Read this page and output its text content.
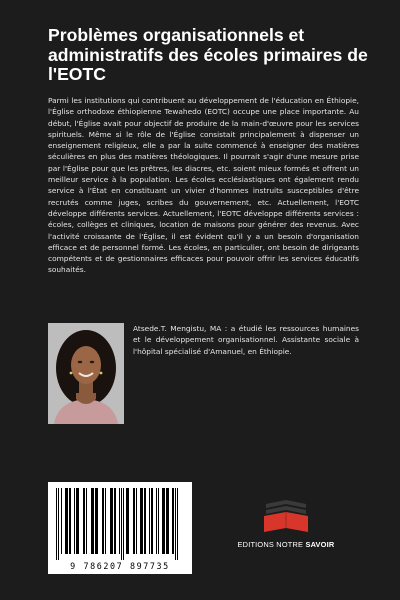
Problèmes organisationnels et administratifs des écoles primaires de l'EOTC

Parmi les institutions qui contribuent au développement de l'éducation en Éthiopie, l'Église orthodoxe éthiopienne Tewahedo (EOTC) occupe une place importante. Au début, l'Église avait pour objectif de produire de la main-d'œuvre pour les services spirituels. Même si le rôle de l'Église consistait principalement à dispenser un enseignement religieux, elle a par la suite commencé à enseigner des matières séculières en plus des matières théologiques. Il pourrait s'agir d'une mesure prise par l'Église pour que les prêtres, les diacres, etc. soient mieux formés et offrent un meilleur service à la population. Les écoles ecclésiastiques ont également rendu service à l'État en constituant un vivier d'hommes instruits susceptibles d'être recrutés comme juges, scribes du gouvernement, etc. Actuellement, l'EOTC développe différents services. Actuellement, l'EOTC développe différents services : écoles, collèges et cliniques, location de maisons pour générer des revenus. Avec l'activité croissante de l'Église, il est évident qu'il y a un besoin d'organisation efficace et de personnel formé. Les écoles, en particulier, ont besoin de dirigeants compétents et de gestionnaires efficaces pour pouvoir offrir les services éducatifs souhaités.

Atsede.T. Mengistu, MA : a étudié les ressources humaines et le développement organisationnel. Assistante sociale à l'hôpital spécialisé d'Amanuel, en Éthiopie.

9 786207 897735
EDITIONS NOTRE SAVOIR
